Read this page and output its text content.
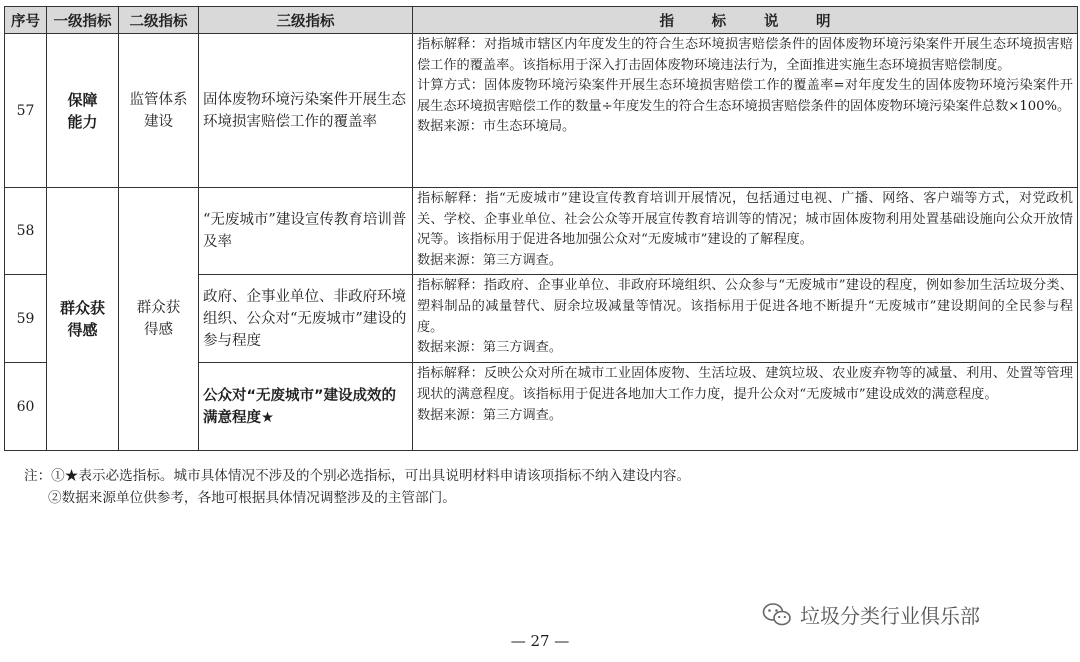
序号	一级指标	二级指标	三级指标	指标说明
57	保障能力	监管体系建设	固体废物环境污染案件开展生态环境损害赔偿工作的覆盖率	指标解释：对指城市辖区内年度发生的符合生态环境损害赔偿条件的固体废物环境污染案件开展生态环境损害赔偿工作的覆盖率。该指标用于深入打击固体废物环境违法行为，全面推进实施生态环境损害赔偿制度。
计算方式：固体废物环境污染案件开展生态环境损害赔偿工作的覆盖率=对年度发生的固体废物环境污染案件开展生态环境损害赔偿工作的数量÷年度发生的符合生态环境损害赔偿条件的固体废物环境污染案件总数×100%。
数据来源：市生态环境局。

58	群众获得感	群众获得感	“无废城市”建设宣传教育培训普及率	指标解释：指“无废城市”建设宣传教育培训开展情况，包括通过电视、广播、网络、客户端等方式，对党政机关、学校、企事业单位、社会公众等开展宣传教育培训等的情况；城市固体废物利用处置基础设施向公众开放情况等。该指标用于促进各地加强公众对“无废城市”建设的了解程度。
数据来源：第三方调查。

59			政府、企事业单位、非政府环境组织、公众对“无废城市”建设的参与程度	指标解释：指政府、企事业单位、非政府环境组织、公众参与“无废城市”建设的程度，例如参加生活垃圾分类、塑料制品的减量替代、厨余垃圾减量等情况。该指标用于促进各地不断提升“无废城市”建设期间的全民参与程度。
数据来源：第三方调查。

60			公众对“无废城市”建设成效的满意程度★	指标解释：反映公众对所在城市工业固体废物、生活垃圾、建筑垃圾、农业废弃物等的减量、利用、处置等管理现状的满意程度。该指标用于促进各地加大工作力度，提升公众对“无废城市”建设成效的满意程度。
数据来源：第三方调查。
注：①★表示必选指标。城市具体情况不涉及的个别必选指标，可出具说明材料申请该项指标不纳入建设内容。
②数据来源单位供参考，各地可根据具体情况调整涉及的主管部门。
垃圾分类行业俱乐部
— 27 —
